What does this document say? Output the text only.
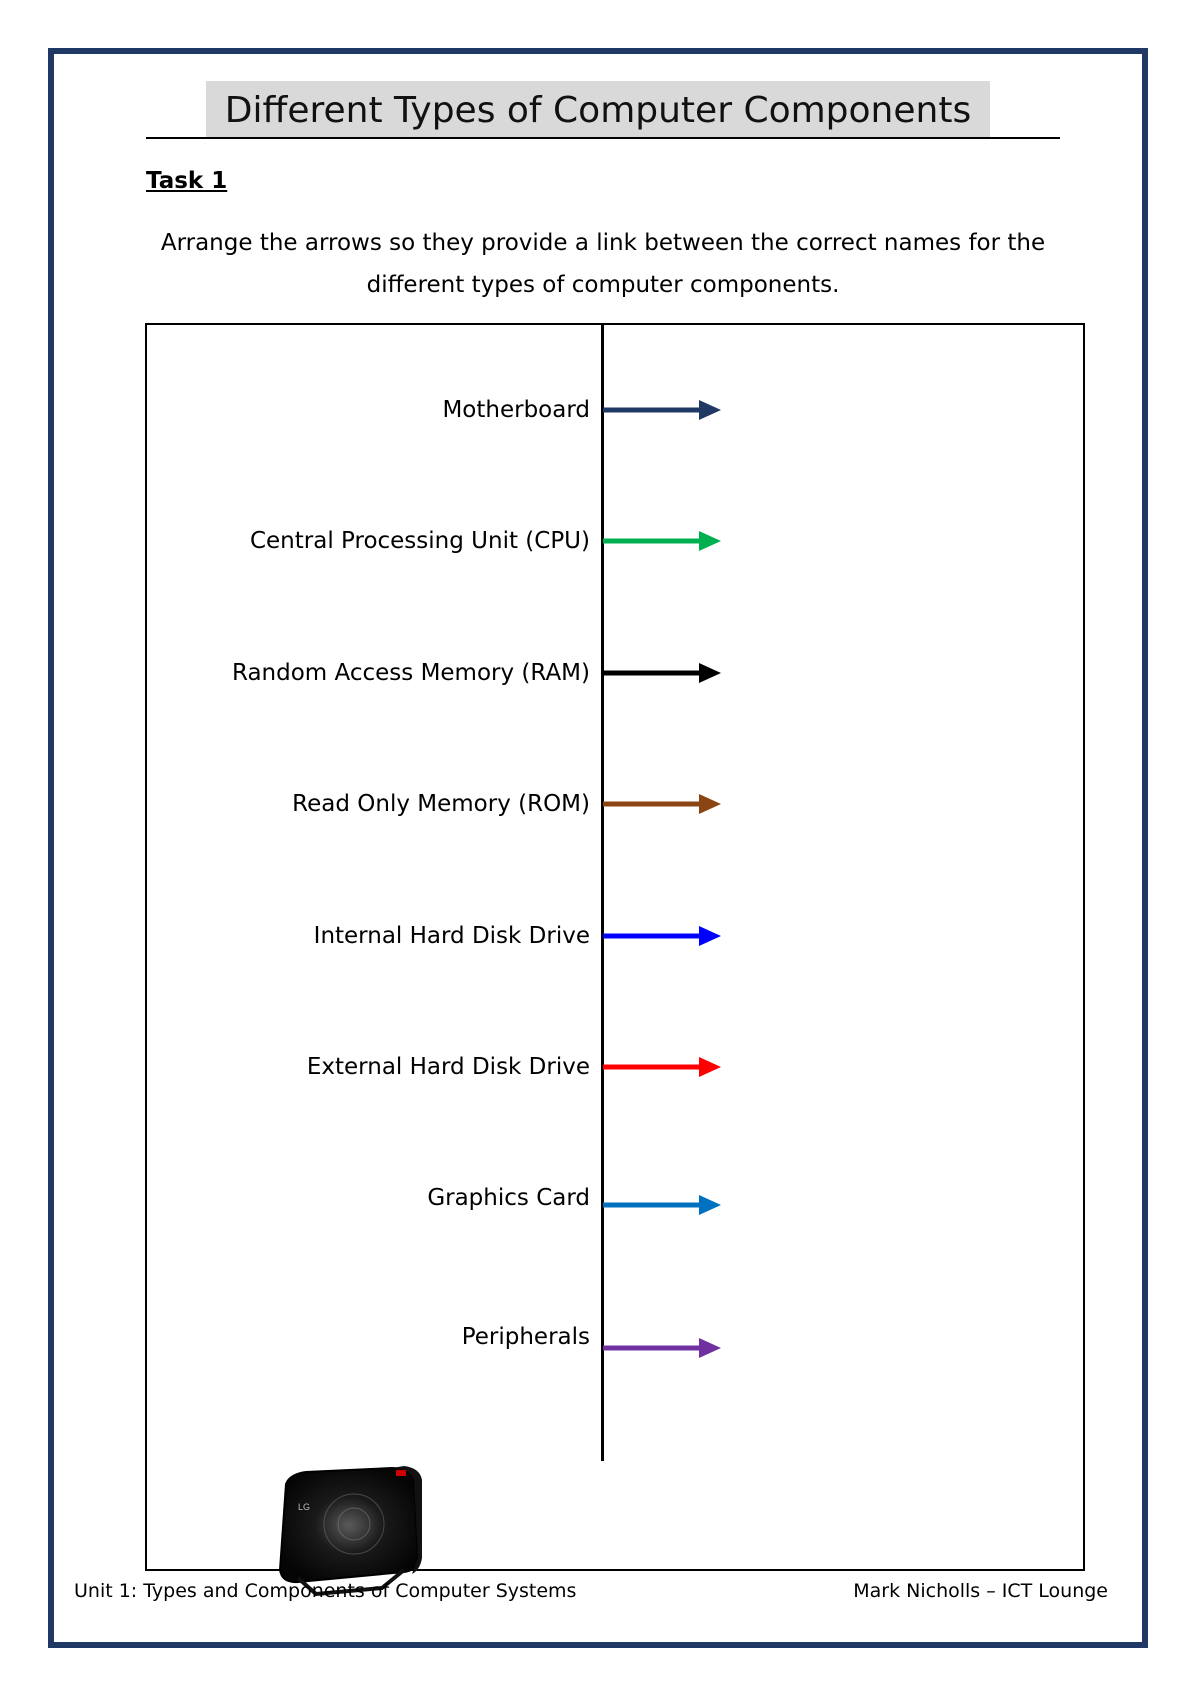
Different Types of Computer Components
Task 1
Arrange the arrows so they provide a link between the correct names for the different types of computer components.
Motherboard
Central Processing Unit (CPU)
Random Access Memory (RAM)
Read Only Memory (ROM)
Internal Hard Disk Drive
External Hard Disk Drive
Graphics Card
Peripherals
LG
Unit 1: Types and Components of Computer Systems	Mark Nicholls – ICT Lounge
